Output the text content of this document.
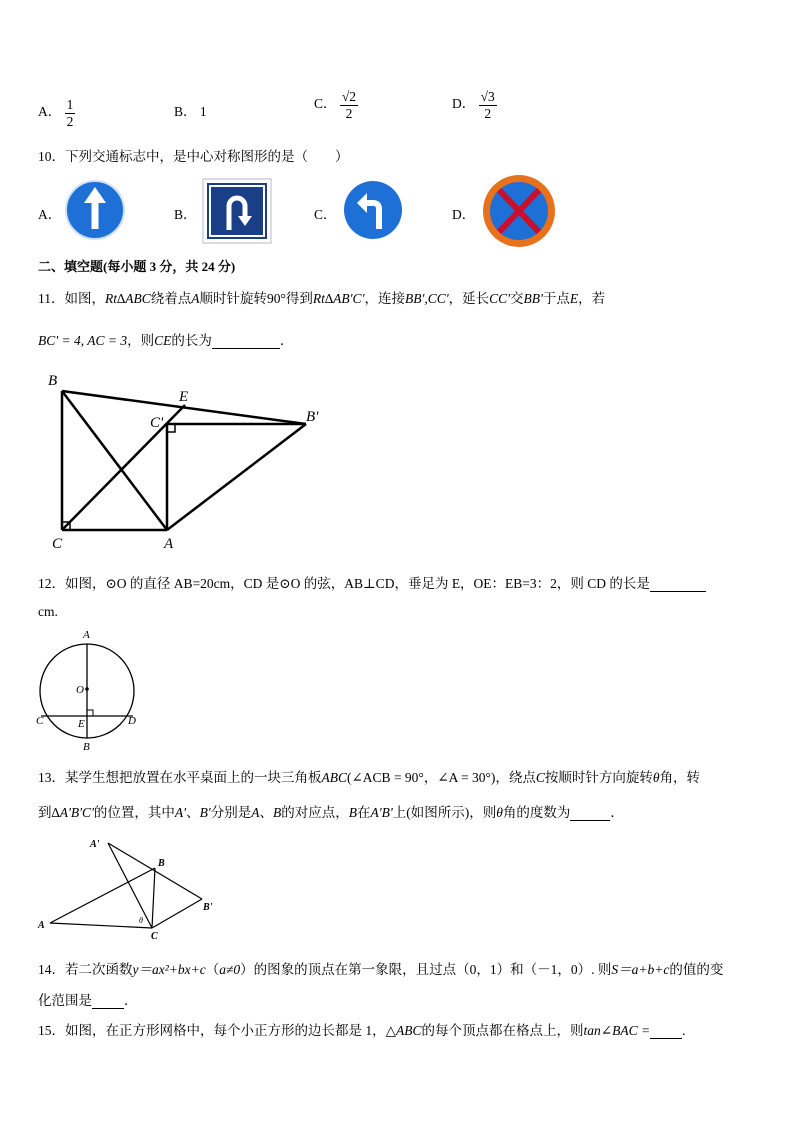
A． $\frac{1}{2}$	B． 1
C． $\frac{√2}{2}$	D． $\frac{√3}{2}$
10．下列交通标志中，是中心对称图形的是（　　）
A．	B．	C．	D．
二、填空题(每小题 3 分，共 24 分)
11．如图，Rt∆ABC绕着点A顺时针旋转90°得到Rt∆AB'C'，连接BB',CC'，延长CC'交BB'于点E，若
BC' = 4, AC = 3，则CE的长为	．
B
E
C'	B'
C	A
12．如图，⊙O 的直径 AB=20cm，CD 是⊙O 的弦，AB⊥CD，垂足为 E，OE：EB=3：2，则 CD 的长是
cm.
A
O
C	E	D
B
13．某学生想把放置在水平桌面上的一块三角板ABC(∠ACB = 90°，∠A = 30°)，绕点C按顺时针方向旋转θ角，转
到∆A'B'C'的位置，其中A'、B'分别是A、B的对应点，B在A'B'上(如图所示)，则θ角的度数为	．
A'
B
B'
A
C
θ
14．若二次函数y＝ax²+bx+c（a≠0）的图象的顶点在第一象限，且过点（0，1）和（－1，0）. 则S＝a+b+c的值的变
化范围是 ．
15．如图，在正方形网格中，每个小正方形的边长都是 1，△ABC的每个顶点都在格点上，则tan∠BAC = .
